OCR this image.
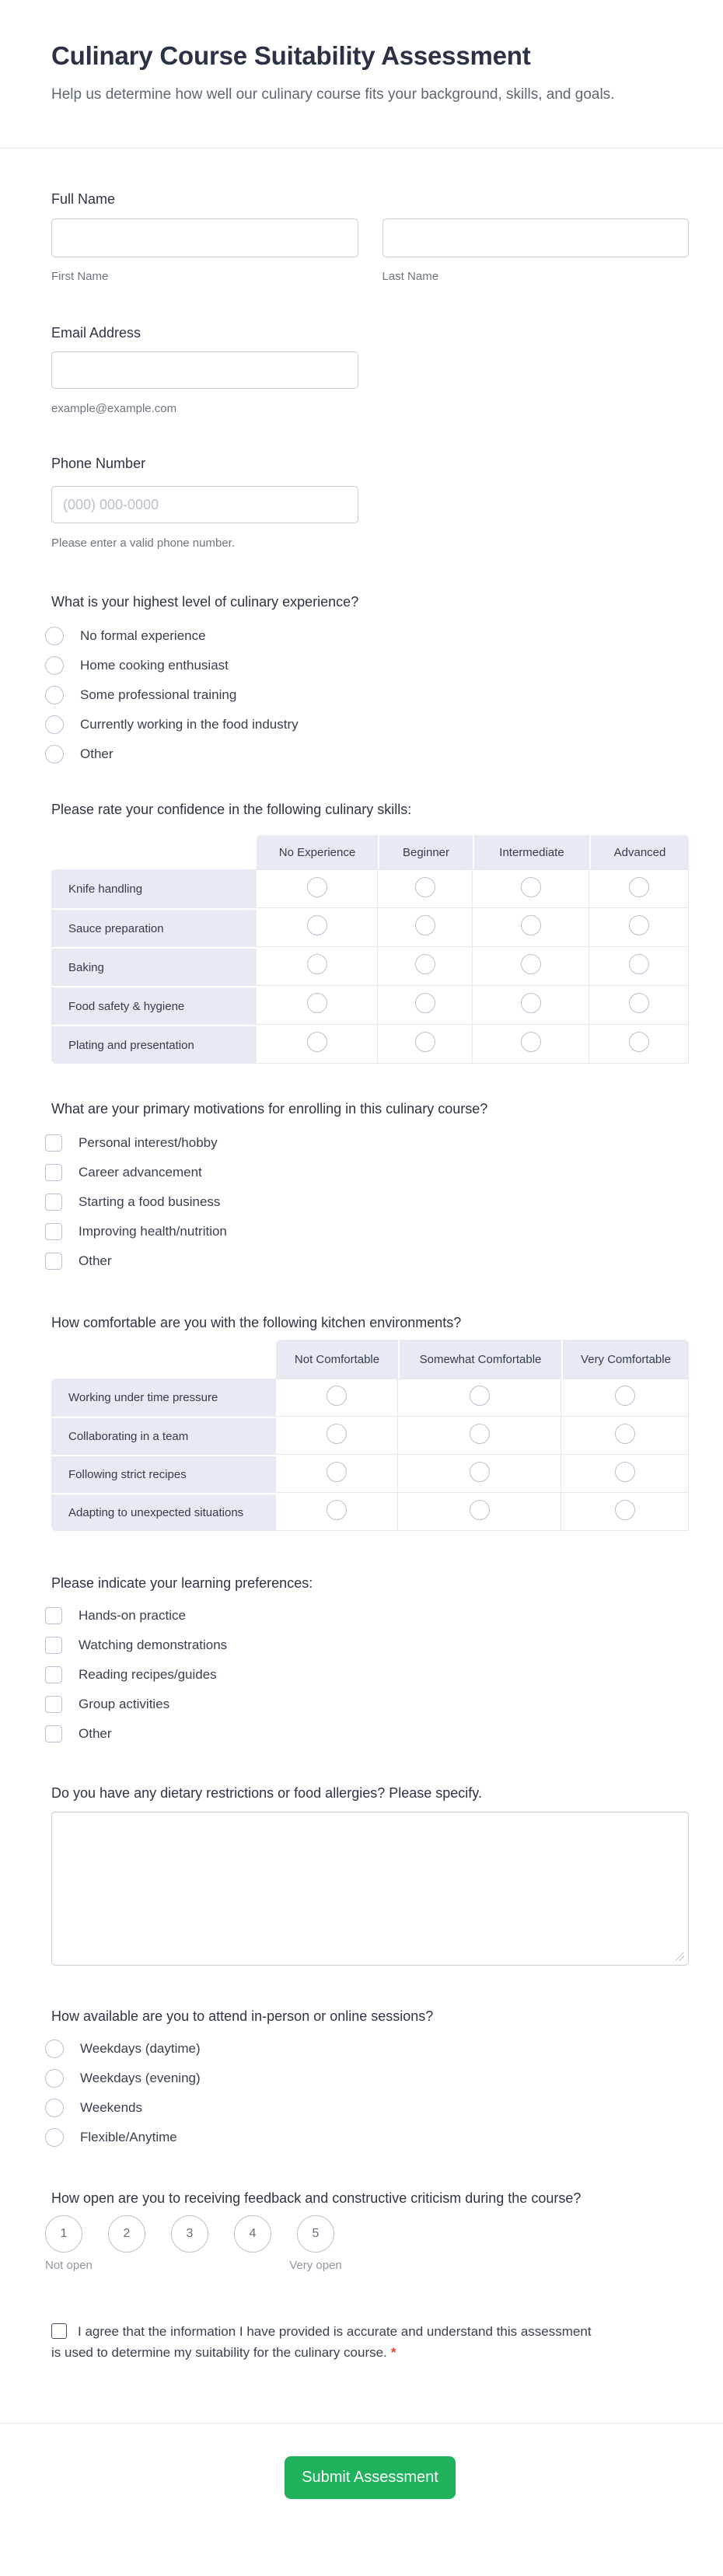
Culinary Course Suitability Assessment

Help us determine how well our culinary course fits your background, skills, and goals.

Full Name
First Name	Last Name
Email Address
example@example.com
Phone Number
(000) 000-0000
Please enter a valid phone number.
What is your highest level of culinary experience?
No formal experience
Home cooking enthusiast
Some professional training
Currently working in the food industry
Other
Please rate your confidence in the following culinary skills:
	No Experience	Beginner	Intermediate	Advanced
Knife handling				
Sauce preparation				
Baking				
Food safety & hygiene				
Plating and presentation				
What are your primary motivations for enrolling in this culinary course?
Personal interest/hobby
Career advancement
Starting a food business
Improving health/nutrition
Other
How comfortable are you with the following kitchen environments?
	Not Comfortable	Somewhat Comfortable	Very Comfortable
Working under time pressure			
Collaborating in a team			
Following strict recipes			
Adapting to unexpected situations			
Please indicate your learning preferences:
Hands-on practice
Watching demonstrations
Reading recipes/guides
Group activities
Other
Do you have any dietary restrictions or food allergies? Please specify.
How available are you to attend in-person or online sessions?
Weekdays (daytime)
Weekdays (evening)
Weekends
Flexible/Anytime
How open are you to receiving feedback and constructive criticism during the course?
1	2	3	4	5
Not open	Very open
I agree that the information I have provided is accurate and understand this assessment is used to determine my suitability for the culinary course. *
Submit Assessment
